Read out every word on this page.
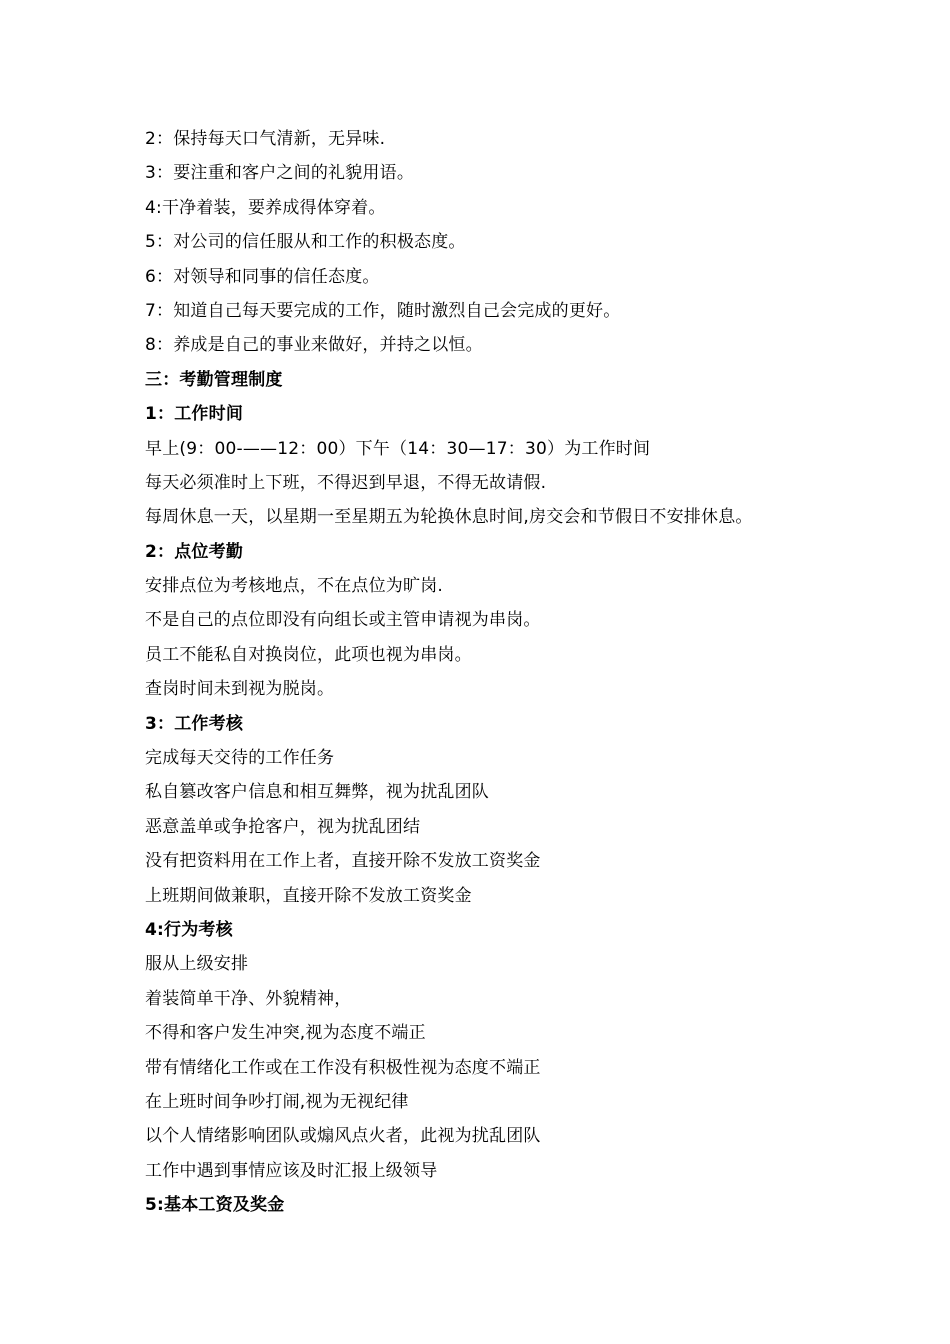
2：保持每天口气清新，无异味.
3：要注重和客户之间的礼貌用语。
4:干净着装，要养成得体穿着。
5：对公司的信任服从和工作的积极态度。
6：对领导和同事的信任态度。
7：知道自己每天要完成的工作，随时激烈自己会完成的更好。
8：养成是自己的事业来做好，并持之以恒。
三：考勤管理制度
1：工作时间
早上(9：00-——12：00）下午（14：30—17：30）为工作时间
每天必须准时上下班，不得迟到早退，不得无故请假.
每周休息一天，以星期一至星期五为轮换休息时间,房交会和节假日不安排休息。
2：点位考勤
安排点位为考核地点，不在点位为旷岗.
不是自己的点位即没有向组长或主管申请视为串岗。
员工不能私自对换岗位，此项也视为串岗。
查岗时间未到视为脱岗。
3：工作考核
完成每天交待的工作任务
私自篡改客户信息和相互舞弊，视为扰乱团队
恶意盖单或争抢客户，视为扰乱团结
没有把资料用在工作上者，直接开除不发放工资奖金
上班期间做兼职，直接开除不发放工资奖金
4:行为考核
服从上级安排
着装简单干净、外貌精神，
不得和客户发生冲突,视为态度不端正
带有情绪化工作或在工作没有积极性视为态度不端正
在上班时间争吵打闹,视为无视纪律
以个人情绪影响团队或煽风点火者，此视为扰乱团队
工作中遇到事情应该及时汇报上级领导
5:基本工资及奖金
